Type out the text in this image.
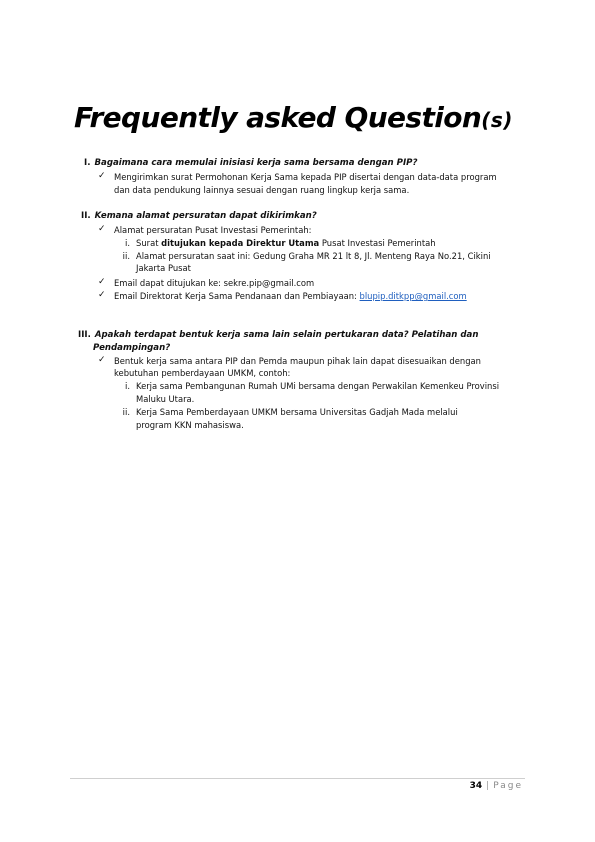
Frequently asked Question(s)
I. Bagaimana cara memulai inisiasi kerja sama bersama dengan PIP?
✓ Mengirimkan surat Permohonan Kerja Sama kepada PIP disertai dengan data-data program
dan data pendukung lainnya sesuai dengan ruang lingkup kerja sama.
II. Kemana alamat persuratan dapat dikirimkan?
✓ Alamat persuratan Pusat Investasi Pemerintah:
i. Surat ditujukan kepada Direktur Utama Pusat Investasi Pemerintah
ii. Alamat persuratan saat ini: Gedung Graha MR 21 lt 8, Jl. Menteng Raya No.21, Cikini
Jakarta Pusat
✓ Email dapat ditujukan ke: sekre.pip@gmail.com
✓ Email Direktorat Kerja Sama Pendanaan dan Pembiayaan: blupip.ditkpp@gmail.com
III. Apakah terdapat bentuk kerja sama lain selain pertukaran data? Pelatihan dan
Pendampingan?
✓ Bentuk kerja sama antara PIP dan Pemda maupun pihak lain dapat disesuaikan dengan
kebutuhan pemberdayaan UMKM, contoh:
i. Kerja sama Pembangunan Rumah UMi bersama dengan Perwakilan Kemenkeu Provinsi
Maluku Utara.
ii. Kerja Sama Pemberdayaan UMKM bersama Universitas Gadjah Mada melalui
program KKN mahasiswa.
34 | Page
